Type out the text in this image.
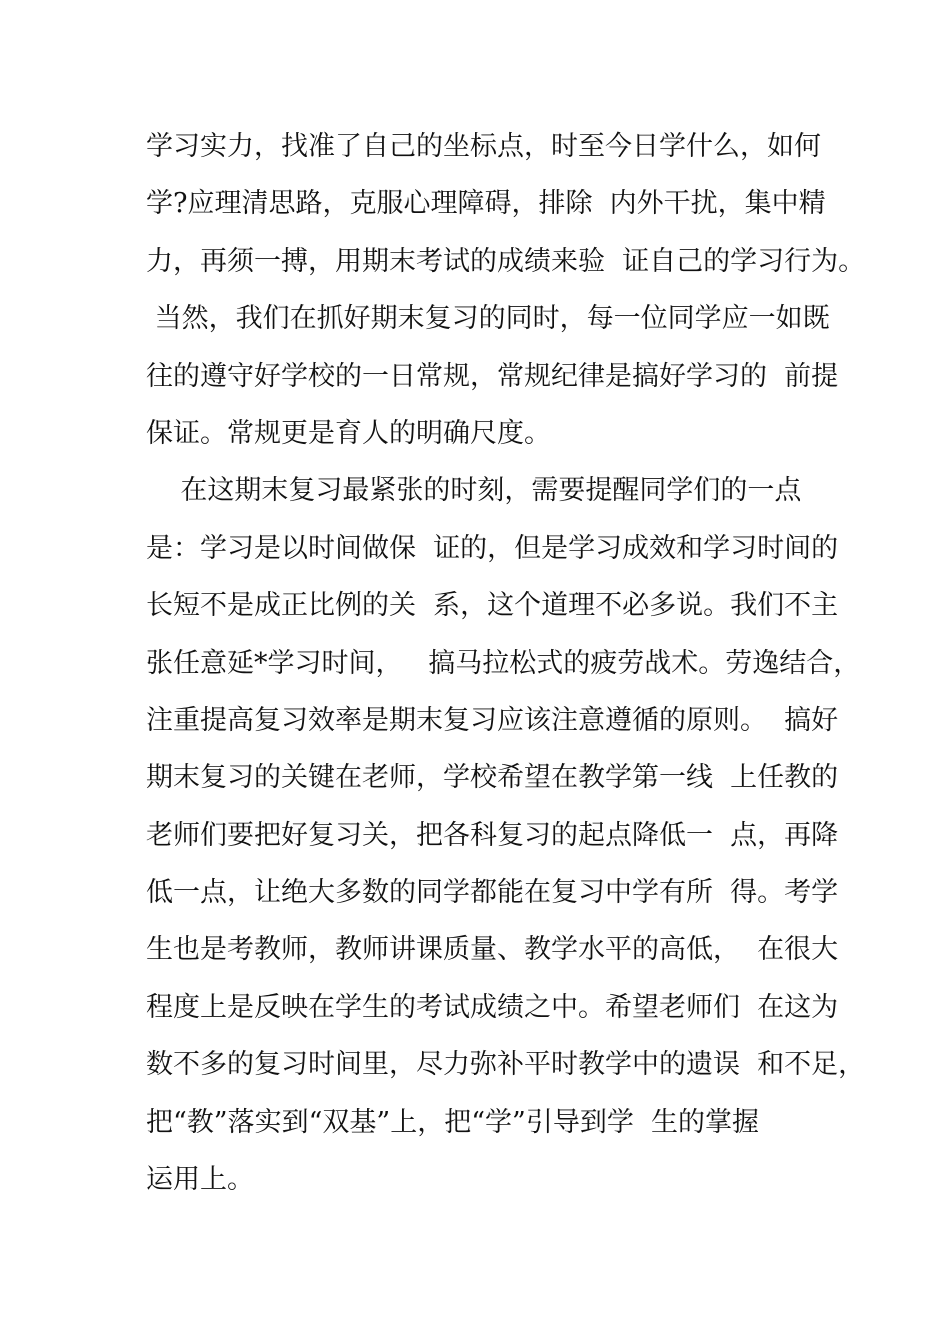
学习实力，找准了自己的坐标点，时至今日学什么，如何
学?应理清思路，克服心理障碍，排除  内外干扰，集中精
力，再须一搏，用期末考试的成绩来验  证自己的学习行为。
当然，我们在抓好期末复习的同时，每一位同学应一如既
往的遵守好学校的一日常规，常规纪律是搞好学习的  前提
保证。常规更是育人的明确尺度。
在这期末复习最紧张的时刻，需要提醒同学们的一点
是：学习是以时间做保  证的，但是学习成效和学习时间的
长短不是成正比例的关  系，这个道理不必多说。我们不主
张任意延*学习时间，   搞马拉松式的疲劳战术。劳逸结合，
注重提高复习效率是期末复习应该注意遵循的原则。  搞好
期末复习的关键在老师，学校希望在教学第一线  上任教的
老师们要把好复习关，把各科复习的起点降低一  点，再降
低一点，让绝大多数的同学都能在复习中学有所  得。考学
生也是考教师，教师讲课质量、教学水平的高低，  在很大
程度上是反映在学生的考试成绩之中。希望老师们  在这为
数不多的复习时间里，尽力弥补平时教学中的遗误  和不足，
把“教”落实到“双基”上，把“学”引导到学  生的掌握
运用上。
